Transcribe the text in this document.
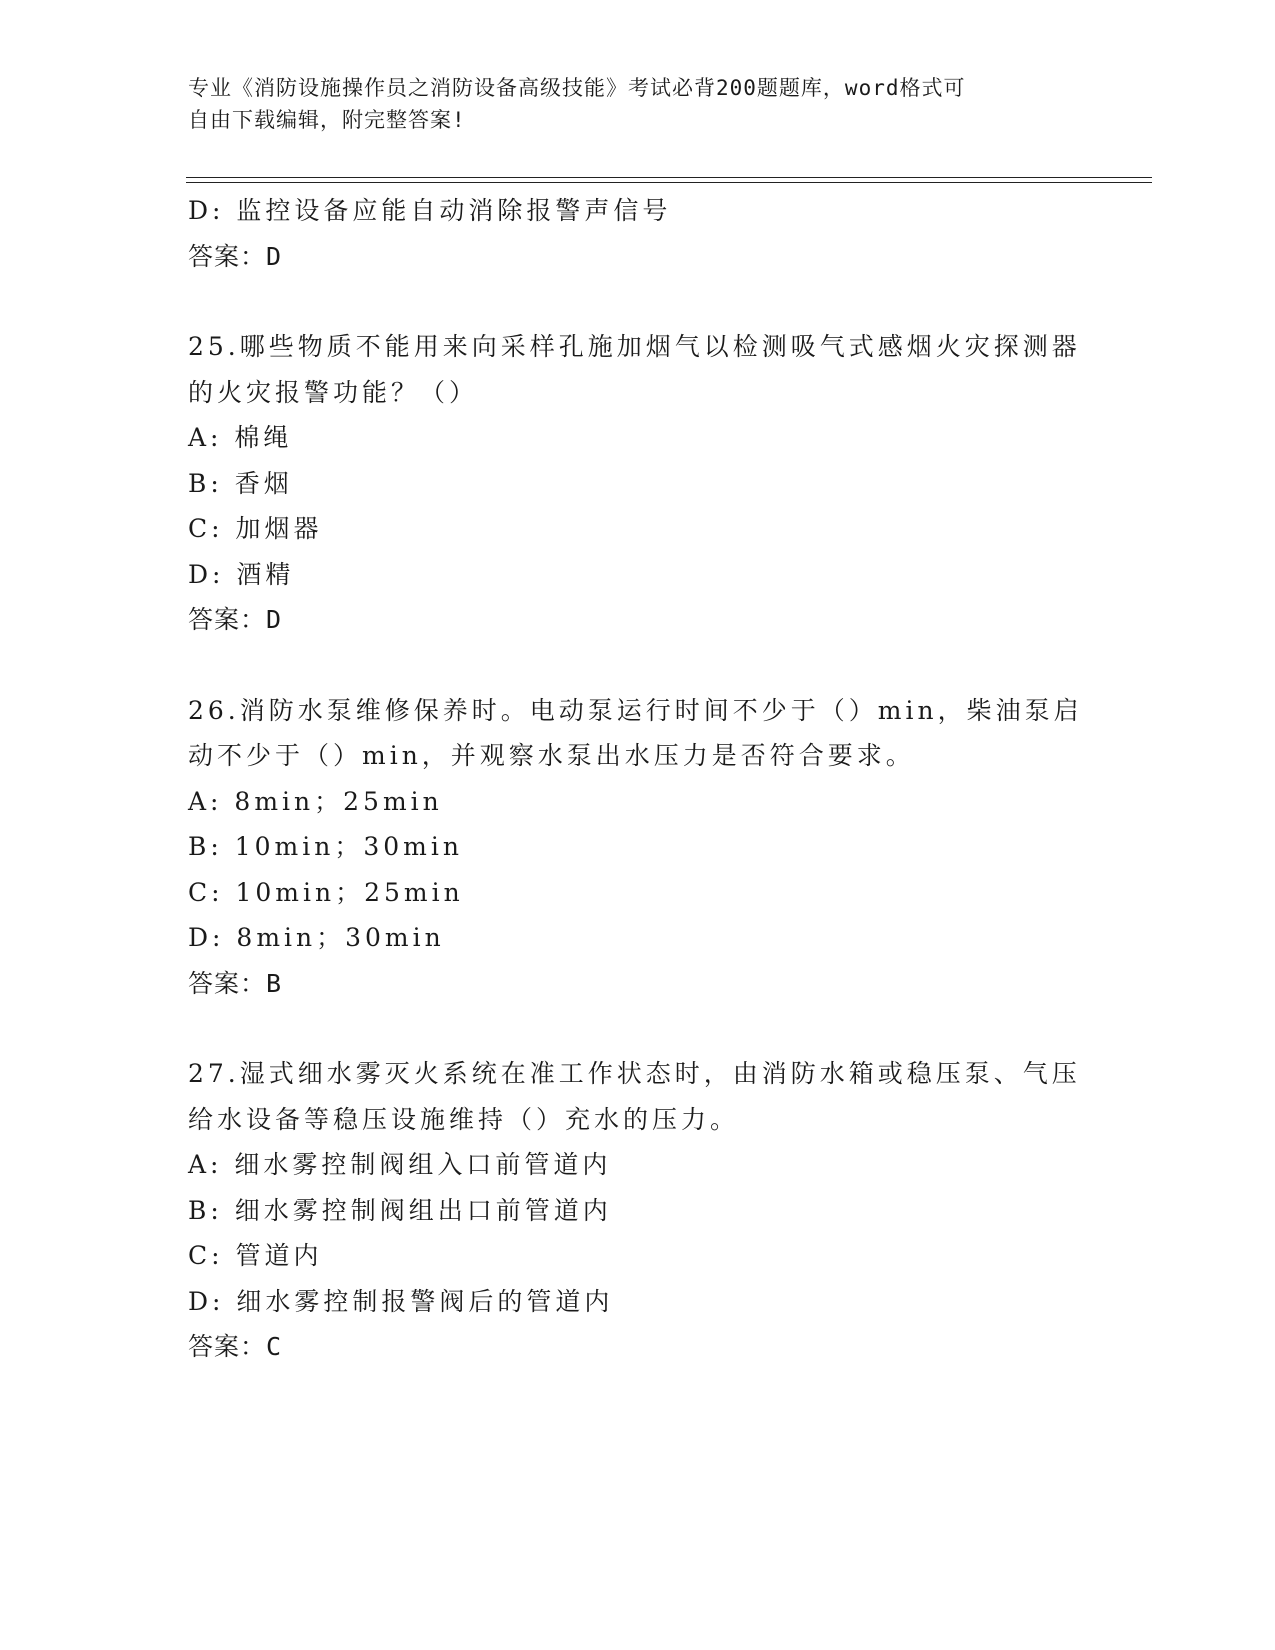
专业《消防设施操作员之消防设备高级技能》考试必背200题题库，word格式可
自由下载编辑，附完整答案!
D: 监控设备应能自动消除报警声信号
答案：D
25.哪些物质不能用来向采样孔施加烟气以检测吸气式感烟火灾探测器
的火灾报警功能？（）
A: 棉绳
B: 香烟
C: 加烟器
D: 酒精
答案：D
26.消防水泵维修保养时。电动泵运行时间不少于（）min，柴油泵启
动不少于（）min，并观察水泵出水压力是否符合要求。
A: 8min；25min
B: 10min；30min
C: 10min；25min
D: 8min；30min
答案：B
27.湿式细水雾灭火系统在准工作状态时，由消防水箱或稳压泵、气压
给水设备等稳压设施维持（）充水的压力。
A: 细水雾控制阀组入口前管道内
B: 细水雾控制阀组出口前管道内
C: 管道内
D: 细水雾控制报警阀后的管道内
答案：C
